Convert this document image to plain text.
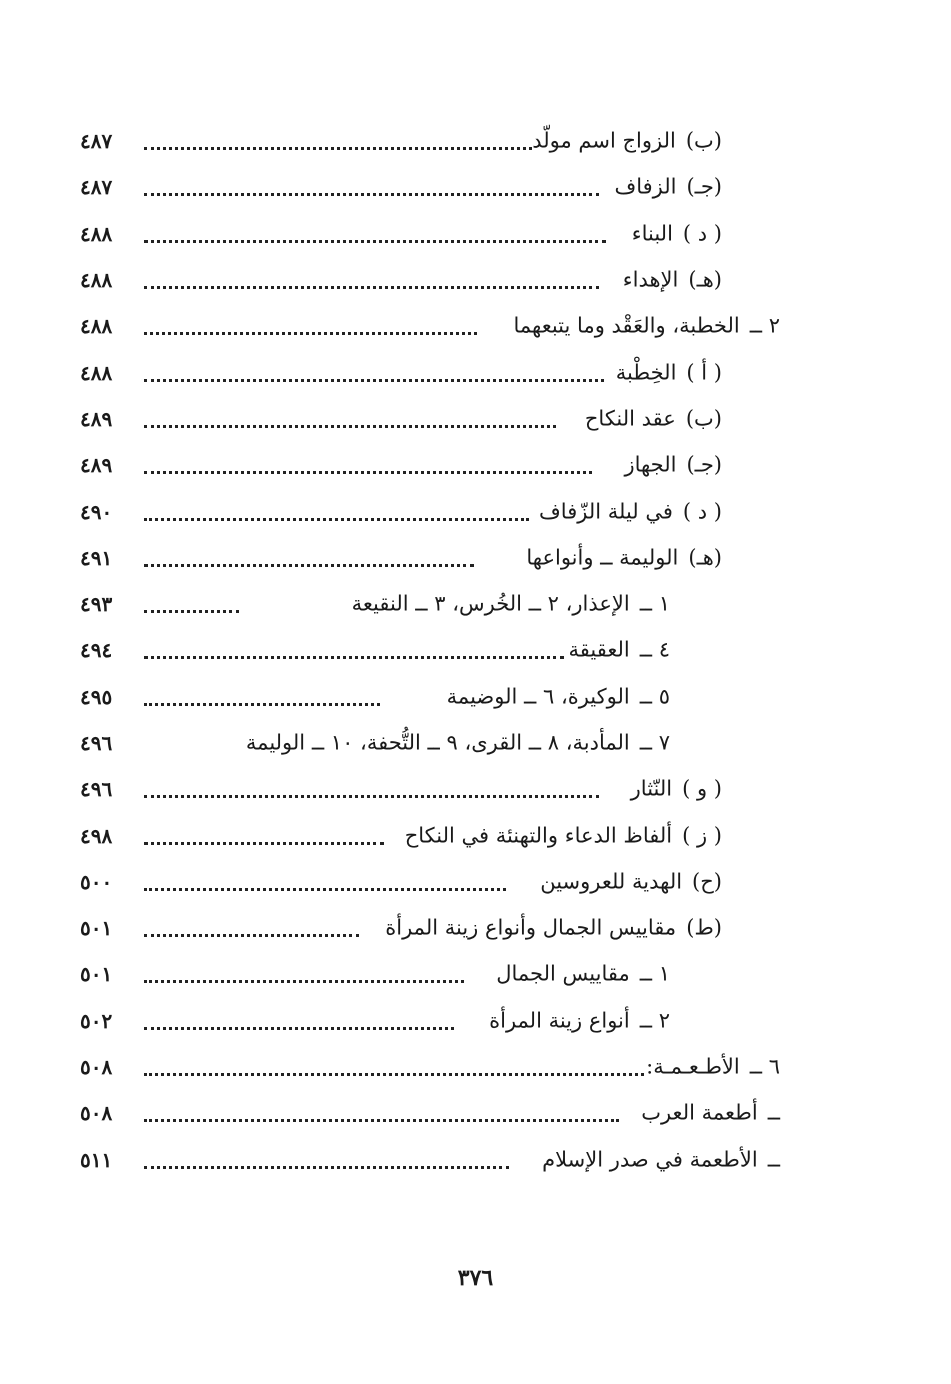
(ب)
الزواج اسم مولّد
٤٨٧
(جـ)
الزفاف
٤٨٧
( د )
البناء
٤٨٨
(هـ)
الإهداء
٤٨٨
٢ ــ
الخطبة، والعَقْد وما يتبعهما
٤٨٨
( أ )
الخِطْبة
٤٨٨
(ب)
عقد النكاح
٤٨٩
(جـ)
الجهاز
٤٨٩
( د )
في ليلة الزّفاف
٤٩٠
(هـ)
الوليمة ــ وأنواعها
٤٩١
١ ــ
الإعذار، ٢ ــ الخُرس، ٣ ــ النقيعة
٤٩٣
٤ ــ
العقيقة
٤٩٤
٥ ــ
الوكيرة، ٦ ــ الوضيمة
٤٩٥
٧ ــ
المأدبة، ٨ ــ القرى، ٩ ــ التُّحفة، ١٠ ــ الوليمة
٤٩٦
( و )
النّثار
٤٩٦
( ز )
ألفاظ الدعاء والتهنئة في النكاح
٤٩٨
(ح)
الهدية للعروسين
٥٠٠
(ط)
مقاييس الجمال وأنواع زينة المرأة
٥٠١
١ ــ
مقاييس الجمال
٥٠١
٢ ــ
أنواع زينة المرأة
٥٠٢
٦ ــ
الأطـعـمـة:
٥٠٨
ــ
أطعمة العرب
٥٠٨
ــ
الأطعمة في صدر الإسلام
٥١١
٣٧٦
